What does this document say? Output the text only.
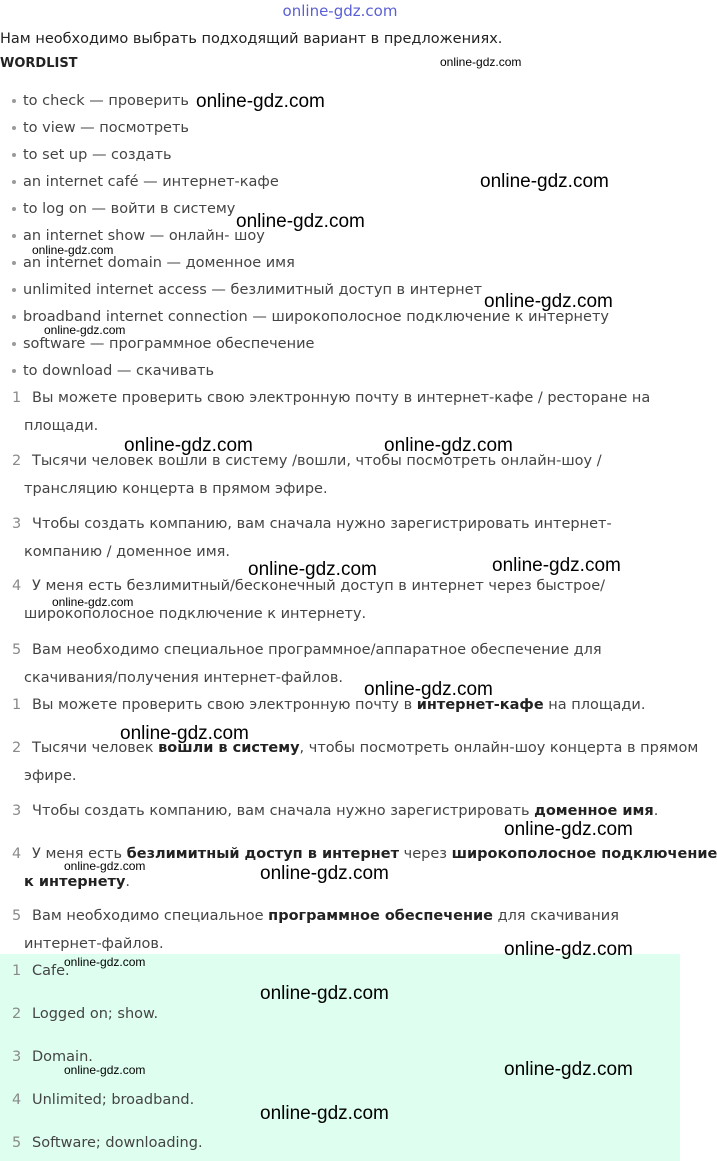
online-gdz.com
Нам необходимо выбрать подходящий вариант в предложениях.
WORDLIST
to check — проверить
to view — посмотреть
to set up — создать
an internet café — интернет-кафе
to log on — войти в систему
an internet show — онлайн- шоу
an internet domain — доменное имя
unlimited internet access — безлимитный доступ в интернет
broadband internet connection — широкополосное подключение к интернету
software — программное обеспечение
to download — скачивать
1 Вы можете проверить свою электронную почту в интернет-кафе / ресторане на
площади.
2 Тысячи человек вошли в систему /вошли, чтобы посмотреть онлайн-шоу /
трансляцию концерта в прямом эфире.
3 Чтобы создать компанию, вам сначала нужно зарегистрировать интернет-
компанию / доменное имя.
4 У меня есть безлимитный/бесконечный доступ в интернет через быстрое/
широкополосное подключение к интернету.
5 Вам необходимо специальное программное/аппаратное обеспечение для
скачивания/получения интернет-файлов.
1 Вы можете проверить свою электронную почту в интернет-кафе на площади.
2 Тысячи человек вошли в систему, чтобы посмотреть онлайн-шоу концерта в прямом
эфире.
3 Чтобы создать компанию, вам сначала нужно зарегистрировать доменное имя.
4 У меня есть безлимитный доступ в интернет через широкополосное подключение
к интернету.
5 Вам необходимо специальное программное обеспечение для скачивания
интернет-файлов.
1 Cafe.
2 Logged on; show.
3 Domain.
4 Unlimited; broadband.
5 Software; downloading.
online-gdz.com
online-gdz.com
online-gdz.com
online-gdz.com
online-gdz.com
online-gdz.com
online-gdz.com
online-gdz.com	online-gdz.com
online-gdz.com	online-gdz.com
online-gdz.com
online-gdz.com
online-gdz.com
online-gdz.com
online-gdz.com	online-gdz.com
online-gdz.com
online-gdz.com
online-gdz.com
online-gdz.com	online-gdz.com
online-gdz.com
